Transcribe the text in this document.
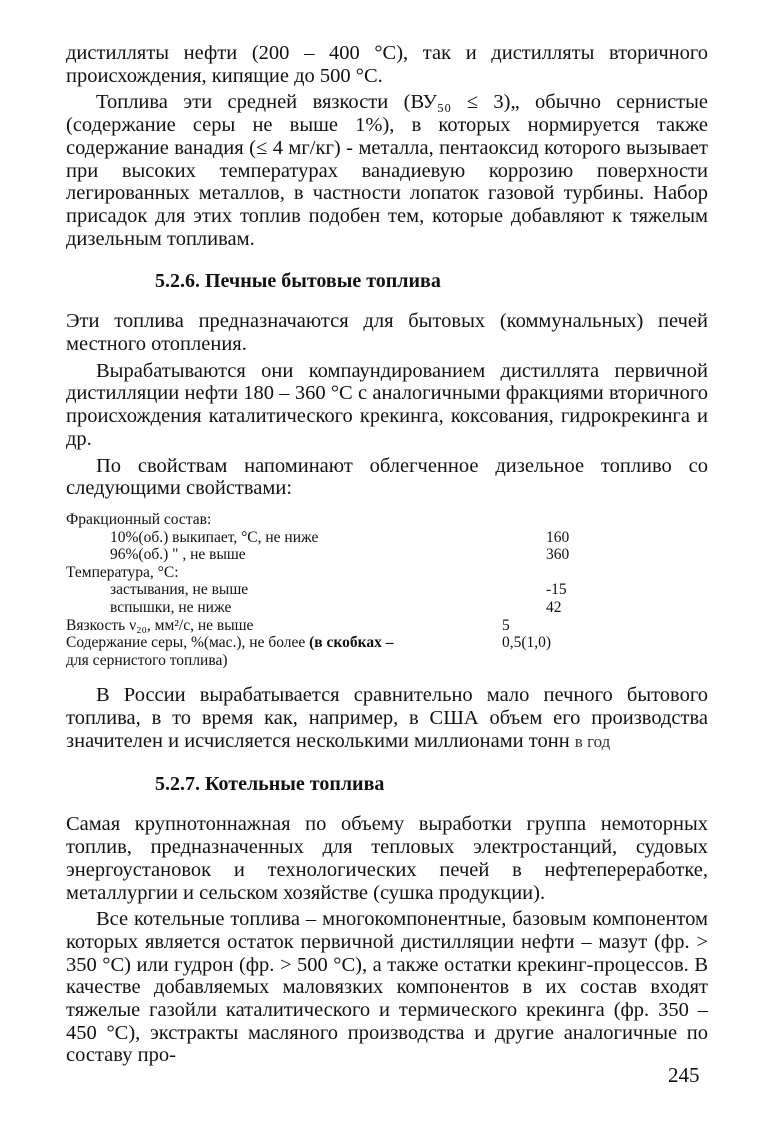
дистилляты нефти (200 – 400 °С), так и дистилляты вторичного происхождения, кипящие до 500 °С.

Топлива эти средней вязкости (ВУ₅₀ ≤ 3)„ обычно сернистые (содержание серы не выше 1%), в которых нормируется также содержание ванадия (≤ 4 мг/кг) - металла, пентаоксид которого вызывает при высоких температурах ванадиевую коррозию поверхности легированных металлов, в частности лопаток газовой турбины. Набор присадок для этих топлив подобен тем, которые добавляют к тяжелым дизельным топливам.

5.2.6. Печные бытовые топлива

Эти топлива предназначаются для бытовых (коммунальных) печей местного отопления.

Вырабатываются они компаундированием дистиллята первичной дистилляции нефти 180 – 360 °С с аналогичными фракциями вторичного происхождения каталитического крекинга, коксования, гидрокрекинга и др.

По свойствам напоминают облегченное дизельное топливо со следующими свойствами:

Фракционный состав:
10%(об.) выкипает, °С, не ниже	160
96%(об.) " , не выше	360
Температура, °С:
застывания, не выше	-15
вспышки, не ниже	42
Вязкость ν₂₀, мм²/с, не выше	5
Содержание серы, %(мас.), не более (в скобках –	0,5(1,0)
для сернистого топлива)

В России вырабатывается сравнительно мало печного бытового топлива, в то время как, например, в США объем его производства значителен и исчисляется несколькими миллионами тонн в год

5.2.7. Котельные топлива

Самая крупнотоннажная по объему выработки группа немоторных топлив, предназначенных для тепловых электростанций, судовых энергоустановок и технологических печей в нефтепереработке, металлургии и сельском хозяйстве (сушка продукции).

Все котельные топлива – многокомпонентные, базовым компонентом которых является остаток первичной дистилляции нефти – мазут (фр. > 350 °С) или гудрон (фр. > 500 °С), а также остатки крекинг-процессов. В качестве добавляемых маловязких компонентов в их состав входят тяжелые газойли каталитического и термического крекинга (фр. 350 – 450 °С), экстракты масляного производства и другие аналогичные по составу про-

245
